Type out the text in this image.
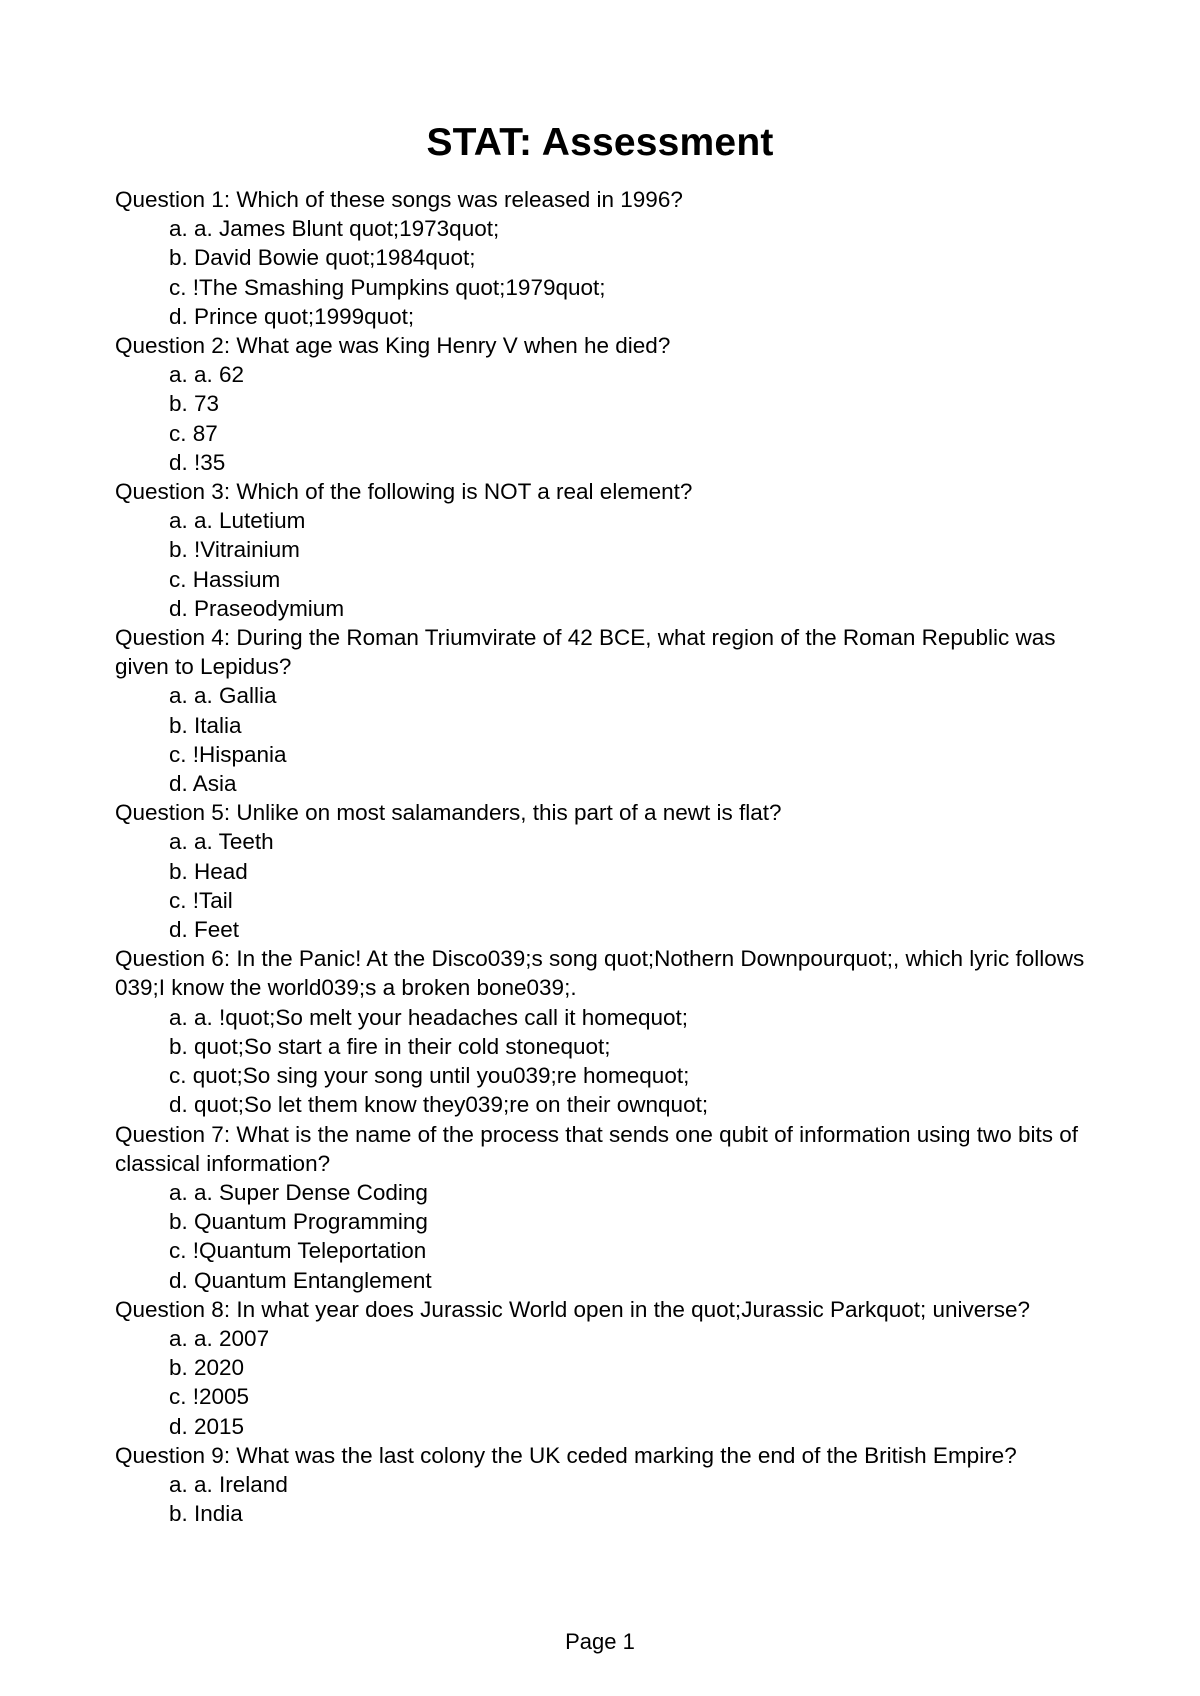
STAT: Assessment
Question 1: Which of these songs was released in 1996?
a. a. James Blunt quot;1973quot;
b. David Bowie quot;1984quot;
c. !The Smashing Pumpkins quot;1979quot;
d. Prince quot;1999quot;
Question 2: What age was King Henry V when he died?
a. a. 62
b. 73
c. 87
d. !35
Question 3: Which of the following is NOT a real element?
a. a. Lutetium
b. !Vitrainium
c. Hassium
d. Praseodymium
Question 4: During the Roman Triumvirate of 42 BCE, what region of the Roman Republic was given to Lepidus?
a. a. Gallia
b. Italia
c. !Hispania
d. Asia
Question 5: Unlike on most salamanders, this part of a newt is flat?
a. a. Teeth
b. Head
c. !Tail
d. Feet
Question 6: In the Panic! At the Disco039;s song quot;Nothern Downpourquot;, which lyric follows 039;I know the world039;s a broken bone039;.
a. a. !quot;So melt your headaches call it homequot;
b. quot;So start a fire in their cold stonequot;
c. quot;So sing your song until you039;re homequot;
d. quot;So let them know they039;re on their ownquot;
Question 7: What is the name of the process that sends one qubit of information using two bits of classical information?
a. a. Super Dense Coding
b. Quantum Programming
c. !Quantum Teleportation
d. Quantum Entanglement
Question 8: In what year does Jurassic World open in the quot;Jurassic Parkquot; universe?
a. a. 2007
b. 2020
c. !2005
d. 2015
Question 9: What was the last colony the UK ceded marking the end of the British Empire?
a. a. Ireland
b. India
Page 1
